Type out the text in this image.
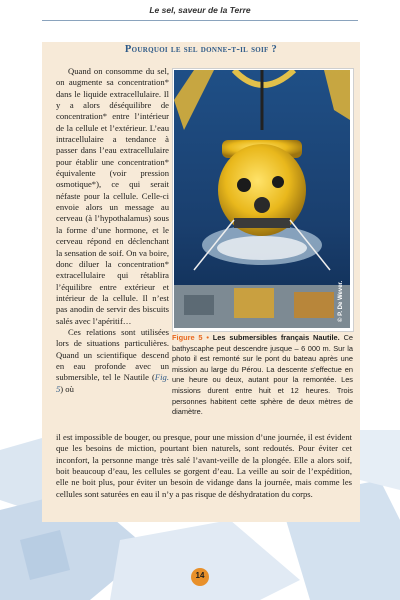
Le sel, saveur de la Terre
Pourquoi le sel donne-t-il soif ?

Quand on consomme du sel, on augmente sa concentration* dans le liquide extracellulaire. Il y a alors déséquilibre de concentration* entre l’intérieur de la cellule et l’extérieur. L’eau intracellulaire a tendance à passer dans l’eau extracellulaire pour établir une concentration* équivalente (voir pression osmotique*), ce qui serait néfaste pour la cellule. Celle-ci envoie alors un message au cerveau (à l’hypothalamus) sous la forme d’une hormone, et le cerveau répond en déclenchant la sensation de soif. On va boire, donc diluer la concentration* extracellulaire qui rétablira l’équilibre entre extérieur et intérieur de la cellule. Il n’est pas anodin de servir des biscuits salés avec l’apéritif…

Ces relations sont utilisées lors de situations particulières. Quand un scientifique descend en eau profonde avec un submersible, tel le Nautile (Fig. 5) où

© P. De Wever.
Figure 5 • Les submersibles français Nautile. Ce bathyscaphe peut descendre jusque – 6 000 m. Sur la photo il est remonté sur le pont du bateau après une mission au large du Pérou. La descente s’effectue en une heure ou deux, autant pour la remontée. Les missions durent entre huit et 12 heures. Trois personnes habitent cette sphère de deux mètres de diamètre.
il est impossible de bouger, ou presque, pour une mission d’une journée, il est évident que les besoins de miction, pourtant bien naturels, sont redoutés. Pour éviter cet inconfort, la personne mange très salé l’avant-veille de la plongée. Elle a alors soif, boit beaucoup d’eau, les cellules se gorgent d’eau. La veille au soir de l’expédition, elle ne boit plus, pour éviter un besoin de vidange dans la journée, mais comme les cellules sont saturées en eau il n’y a pas risque de déshydratation du corps.
14
